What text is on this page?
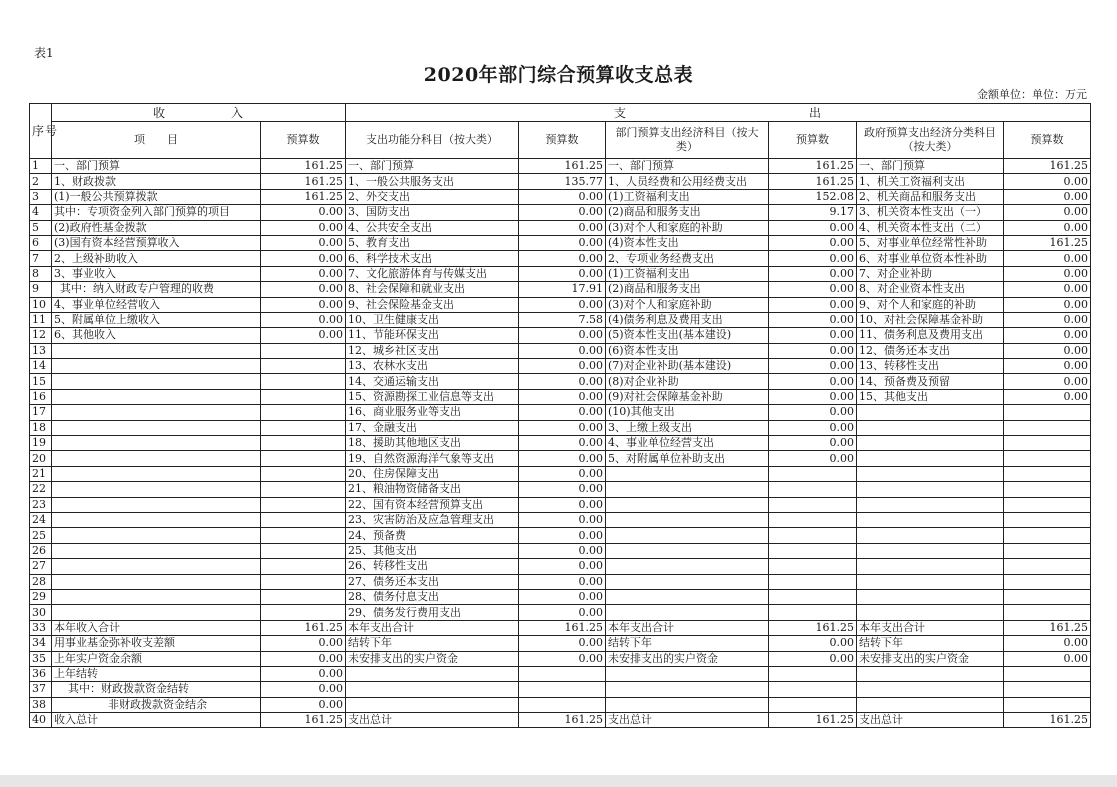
表1
2020年部门综合预算收支总表
金额单位：单位：万元
序号	收　　　　　入		支　　　　　　　　　　　　　　出					
	项　　目	预算数	支出功能分科目（按大类）	预算数	部门预算支出经济科目（按大类）	预算数	政府预算支出经济分类科目（按大类）	预算数
1	一、部门预算	161.25	一、部门预算	161.25	一、部门预算	161.25	一、部门预算	161.25
2	1、财政拨款	161.25	1、一般公共服务支出	135.77	1、人员经费和公用经费支出	161.25	1、机关工资福利支出	0.00
3	(1)一般公共预算拨款	161.25	2、外交支出	0.00	(1)工资福利支出	152.08	2、机关商品和服务支出	0.00
4	其中：专项资金列入部门预算的项目	0.00	3、国防支出	0.00	(2)商品和服务支出	9.17	3、机关资本性支出（一）	0.00
5	(2)政府性基金拨款	0.00	4、公共安全支出	0.00	(3)对个人和家庭的补助	0.00	4、机关资本性支出（二）	0.00
6	(3)国有资本经营预算收入	0.00	5、教育支出	0.00	(4)资本性支出	0.00	5、对事业单位经常性补助	161.25
7	2、上级补助收入	0.00	6、科学技术支出	0.00	2、专项业务经费支出	0.00	6、对事业单位资本性补助	0.00
8	3、事业收入	0.00	7、文化旅游体育与传媒支出	0.00	(1)工资福利支出	0.00	7、对企业补助	0.00
9	其中：纳入财政专户管理的收费	0.00	8、社会保障和就业支出	17.91	(2)商品和服务支出	0.00	8、对企业资本性支出	0.00
10	4、事业单位经营收入	0.00	9、社会保险基金支出	0.00	(3)对个人和家庭补助	0.00	9、对个人和家庭的补助	0.00
11	5、附属单位上缴收入	0.00	10、卫生健康支出	7.58	(4)债务利息及费用支出	0.00	10、对社会保障基金补助	0.00
12	6、其他收入	0.00	11、节能环保支出	0.00	(5)资本性支出(基本建设)	0.00	11、债务利息及费用支出	0.00
13			12、城乡社区支出	0.00	(6)资本性支出	0.00	12、债务还本支出	0.00
14			13、农林水支出	0.00	(7)对企业补助(基本建设)	0.00	13、转移性支出	0.00
15			14、交通运输支出	0.00	(8)对企业补助	0.00	14、预备费及预留	0.00
16			15、资源勘探工业信息等支出	0.00	(9)对社会保障基金补助	0.00	15、其他支出	0.00
17			16、商业服务业等支出	0.00	(10)其他支出	0.00		
18			17、金融支出	0.00	3、上缴上级支出	0.00		
19			18、援助其他地区支出	0.00	4、事业单位经营支出	0.00		
20			19、自然资源海洋气象等支出	0.00	5、对附属单位补助支出	0.00		
21			20、住房保障支出	0.00				
22			21、粮油物资储备支出	0.00				
23			22、国有资本经营预算支出	0.00				
24			23、灾害防治及应急管理支出	0.00				
25			24、预备费	0.00				
26			25、其他支出	0.00				
27			26、转移性支出	0.00				
28			27、债务还本支出	0.00				
29			28、债务付息支出	0.00				
30			29、债务发行费用支出	0.00				
33	本年收入合计	161.25	本年支出合计	161.25	本年支出合计	161.25	本年支出合计	161.25
34	用事业基金弥补收支差额	0.00	结转下年	0.00	结转下年	0.00	结转下年	0.00
35	上年实户资金余额	0.00	未安排支出的实户资金	0.00	未安排支出的实户资金	0.00	未安排支出的实户资金	0.00
36	上年结转	0.00						
37	其中：财政拨款资金结转	0.00						
38	非财政拨款资金结余	0.00						
40	收入总计	161.25	支出总计	161.25	支出总计	161.25	支出总计	161.25
